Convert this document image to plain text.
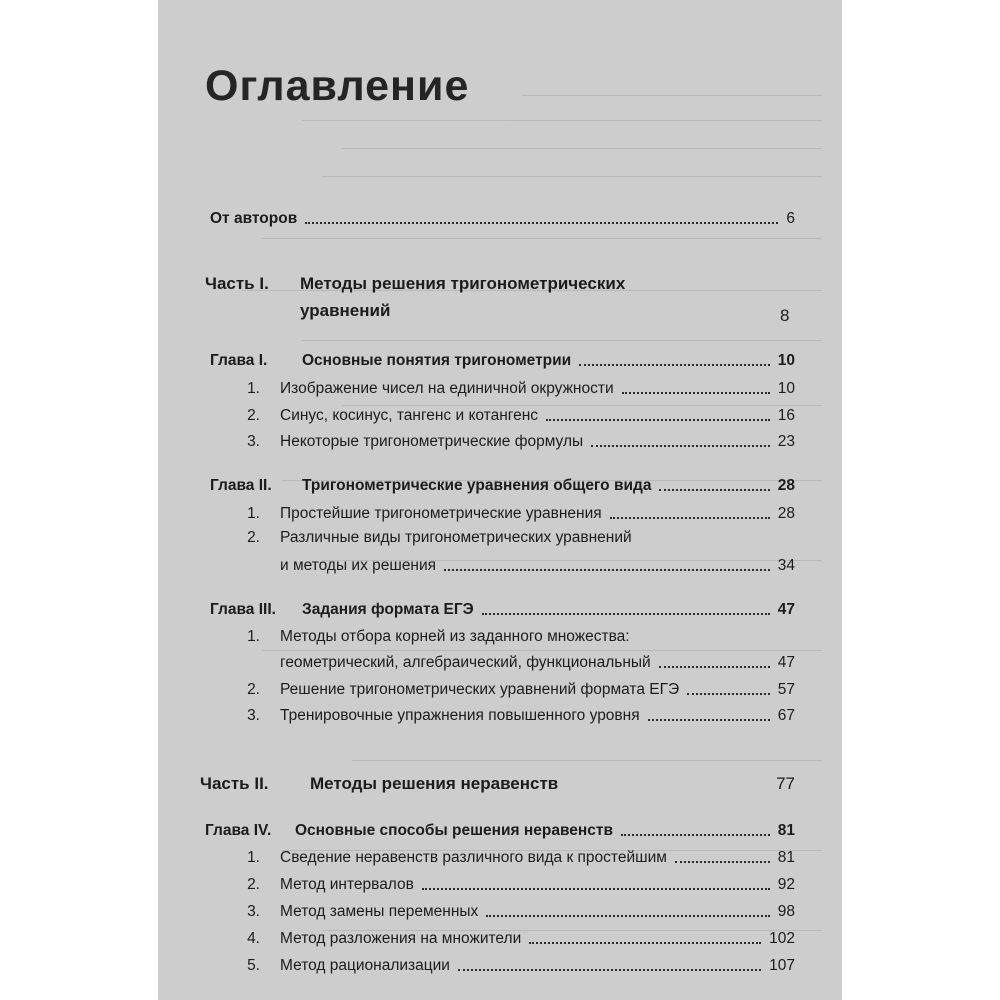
Оглавление
От авторов	6
Часть I. Методы решения тригонометрических
уравнений	8
Глава I.	Основные понятия тригонометрии	10
1.	Изображение чисел на единичной окружности	10
2.	Синус, косинус, тангенс и котангенс	16
3.	Некоторые тригонометрические формулы	23
Глава II.	Тригонометрические уравнения общего вида	28
1.	Простейшие тригонометрические уравнения	28
2. Различные виды тригонометрических уравнений
и методы их решения	34
Глава III.	Задания формата ЕГЭ	47
1. Методы отбора корней из заданного множества:
геометрический, алгебраический, функциональный	47
2.	Решение тригонометрических уравнений формата ЕГЭ	57
3.	Тренировочные упражнения повышенного уровня	67
Часть II.	Методы решения неравенств	77
Глава IV.	Основные способы решения неравенств	81
1.	Сведение неравенств различного вида к простейшим	81
2.	Метод интервалов	92
3.	Метод замены переменных	98
4.	Метод разложения на множители	102
5.	Метод рационализации	107
